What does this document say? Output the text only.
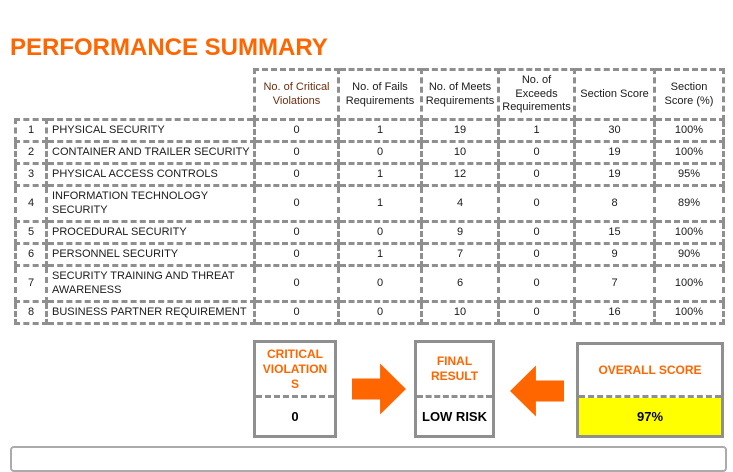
PERFORMANCE SUMMARY
		No. of Critical Violations	No. of Fails Requirements	No. of Meets Requirements	No. of Exceeds Requirements	Section Score	Section Score (%)
1	PHYSICAL SECURITY	0	1	19	1	30	100%
2	CONTAINER AND TRAILER SECURITY	0	0	10	0	19	100%
3	PHYSICAL ACCESS CONTROLS	0	1	12	0	19	95%
4	INFORMATION TECHNOLOGY SECURITY	0	1	4	0	8	89%
5	PROCEDURAL SECURITY	0	0	9	0	15	100%
6	PERSONNEL SECURITY	0	1	7	0	9	90%
7	SECURITY TRAINING AND THREAT AWARENESS	0	0	6	0	7	100%
8	BUSINESS PARTNER REQUIREMENT	0	0	10	0	16	100%
CRITICAL VIOLATIONS
0
FINAL RESULT
LOW RISK
OVERALL SCORE
97%
